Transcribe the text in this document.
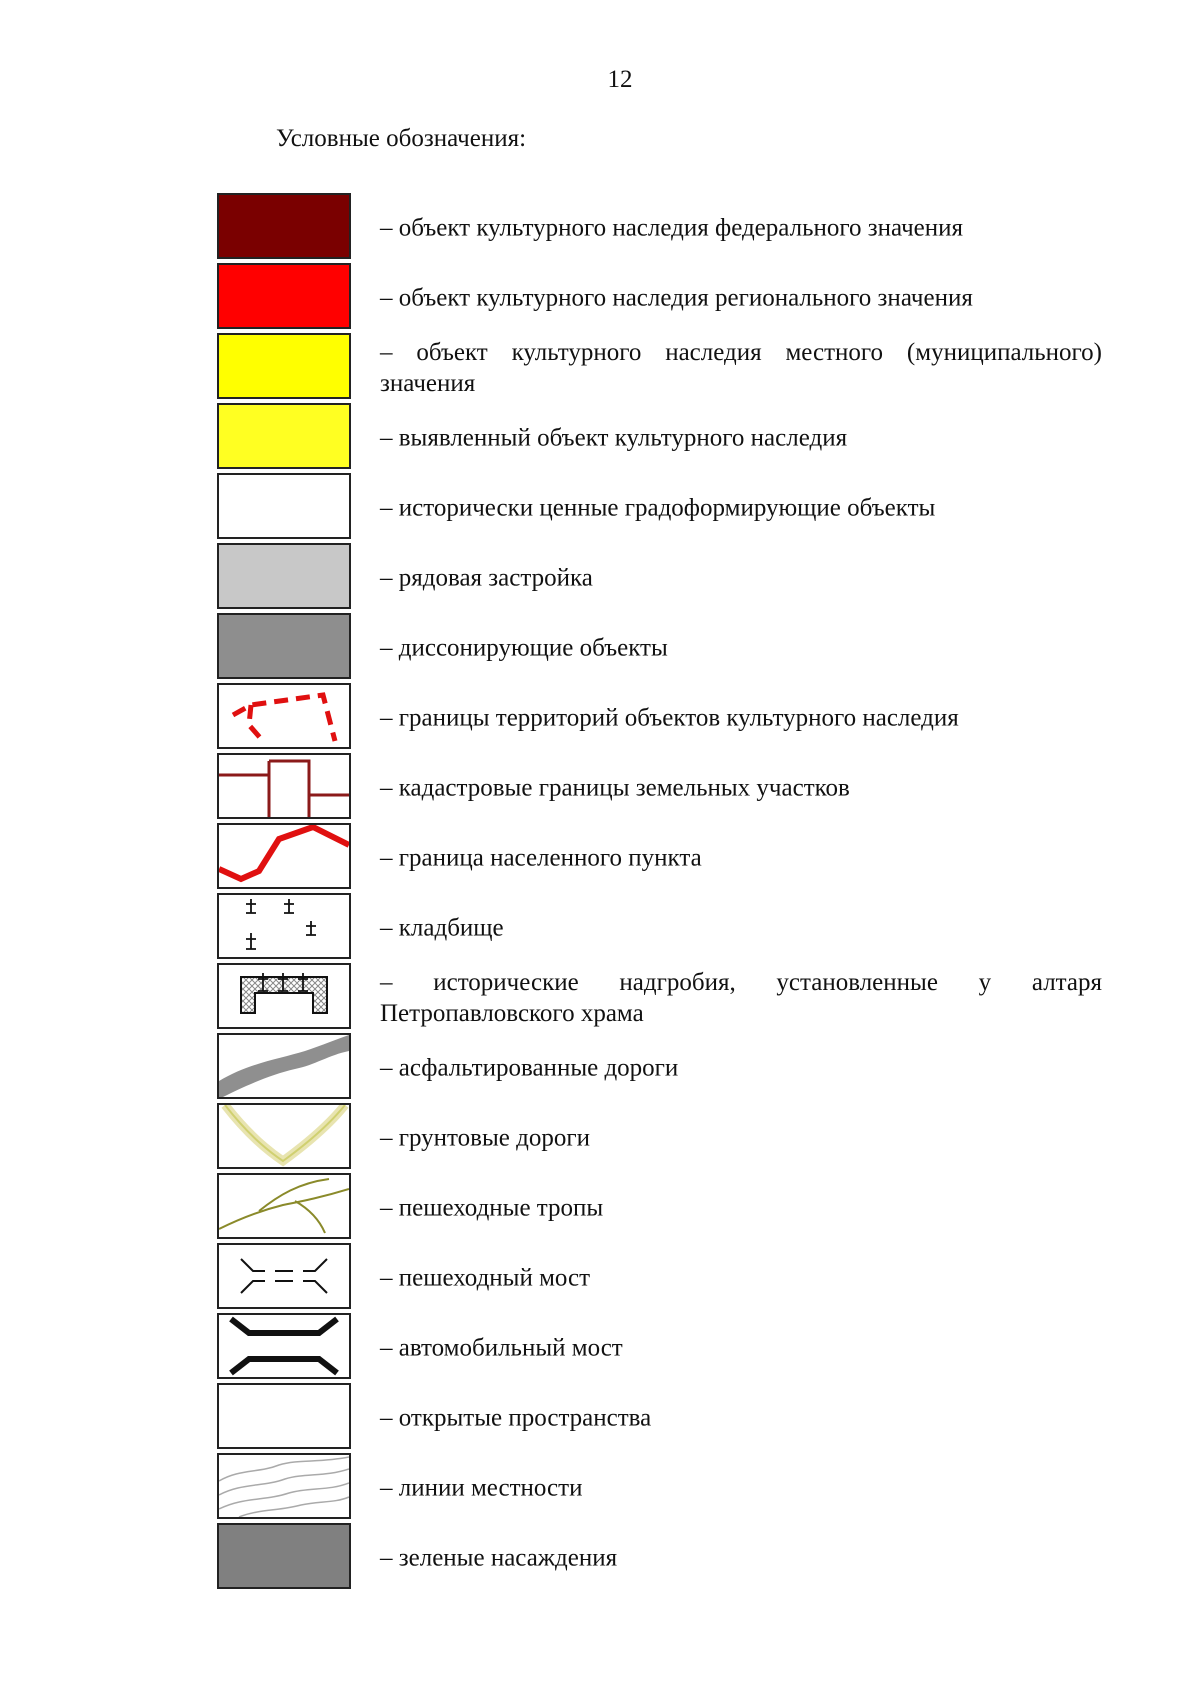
12
Условные обозначения:
– объект культурного наследия федерального значения
– объект культурного наследия регионального значения
– объект культурного наследия местного (муниципального) значения
– выявленный объект культурного наследия
– исторически ценные градоформирующие объекты
– рядовая застройка
– диссонирующие объекты
– границы территорий объектов культурного наследия
– кадастровые границы земельных участков
– граница населенного пункта
– кладбище
– исторические надгробия, установленные у алтаря Петропавловского храма
– асфальтированные дороги
– грунтовые дороги
– пешеходные тропы
– пешеходный мост
– автомобильный мост
– открытые пространства
– линии местности
– зеленые насаждения
